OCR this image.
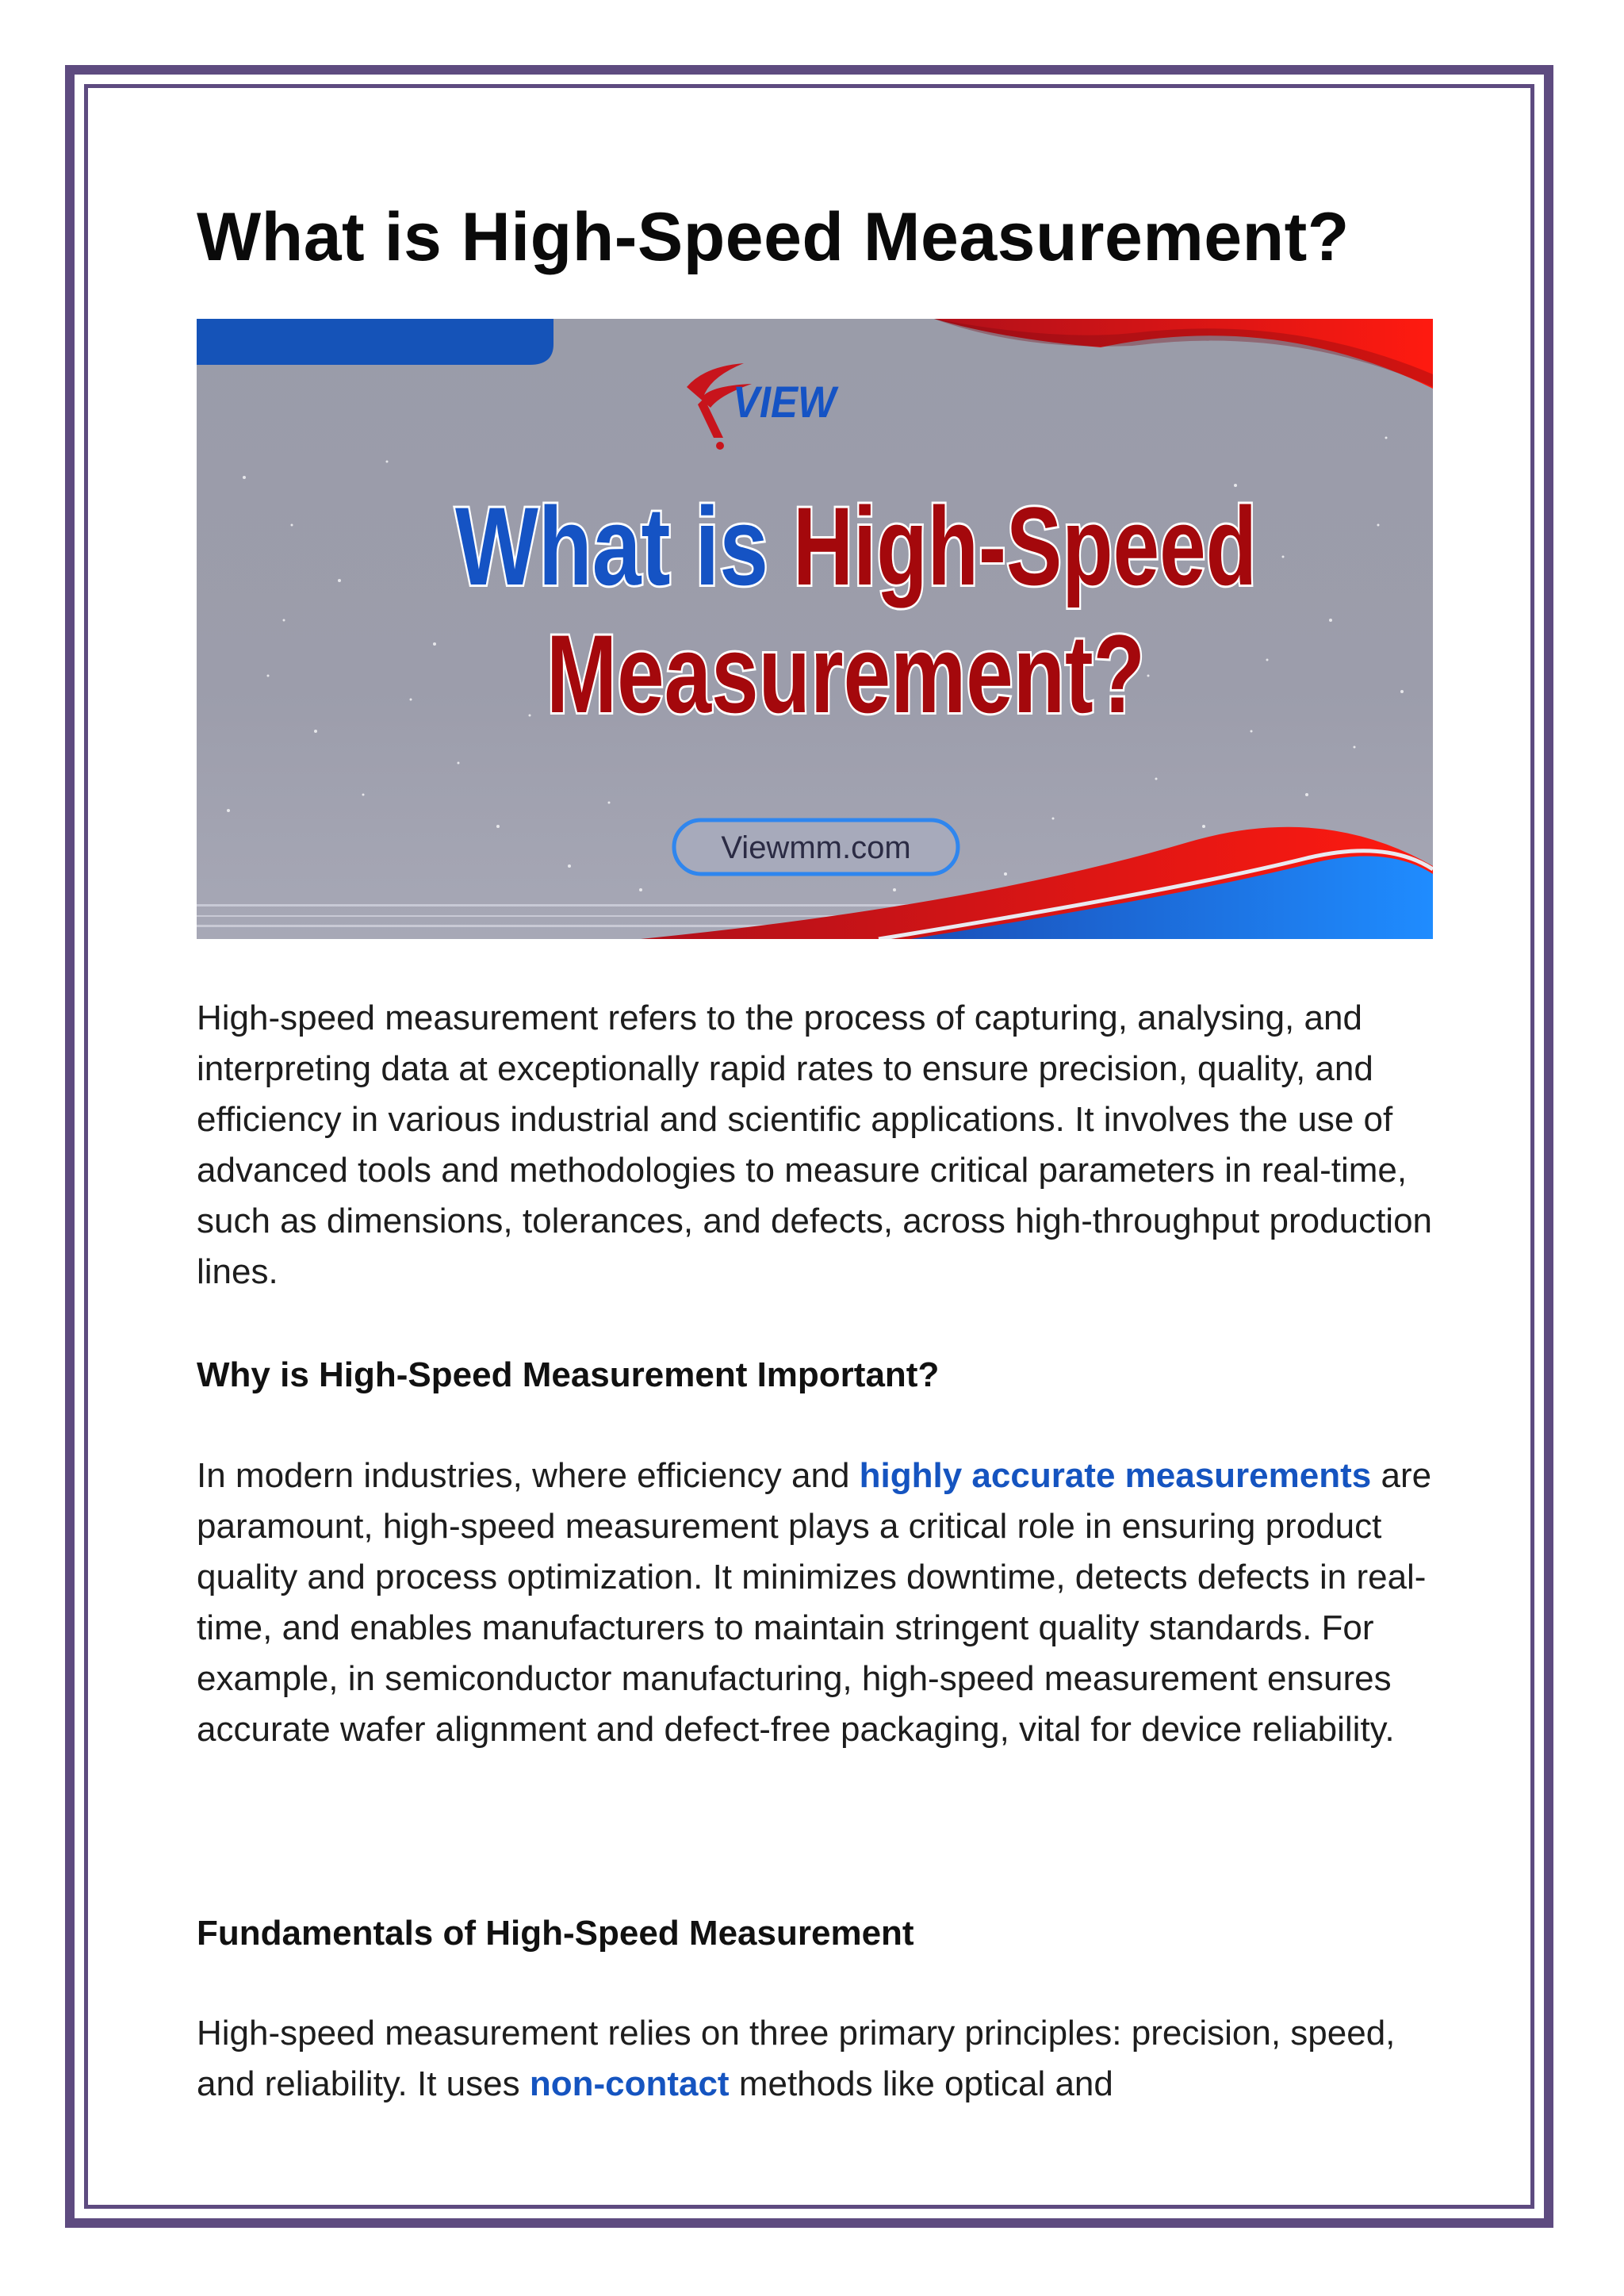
What is High-Speed Measurement?
VIEW
What is High-Speed
Measurement?
Viewmm.com

High-speed measurement refers to the process of capturing, analysing, and interpreting data at exceptionally rapid rates to ensure precision, quality, and efficiency in various industrial and scientific applications. It involves the use of advanced tools and methodologies to measure critical parameters in real-time, such as dimensions, tolerances, and defects, across high-throughput production lines.

Why is High-Speed Measurement Important?

In modern industries, where efficiency and highly accurate measurements are paramount, high-speed measurement plays a critical role in ensuring product quality and process optimization. It minimizes downtime, detects defects in real-time, and enables manufacturers to maintain stringent quality standards. For example, in semiconductor manufacturing, high-speed measurement ensures accurate wafer alignment and defect-free packaging, vital for device reliability.

Fundamentals of High-Speed Measurement

High-speed measurement relies on three primary principles: precision, speed, and reliability. It uses non-contact methods like optical and
